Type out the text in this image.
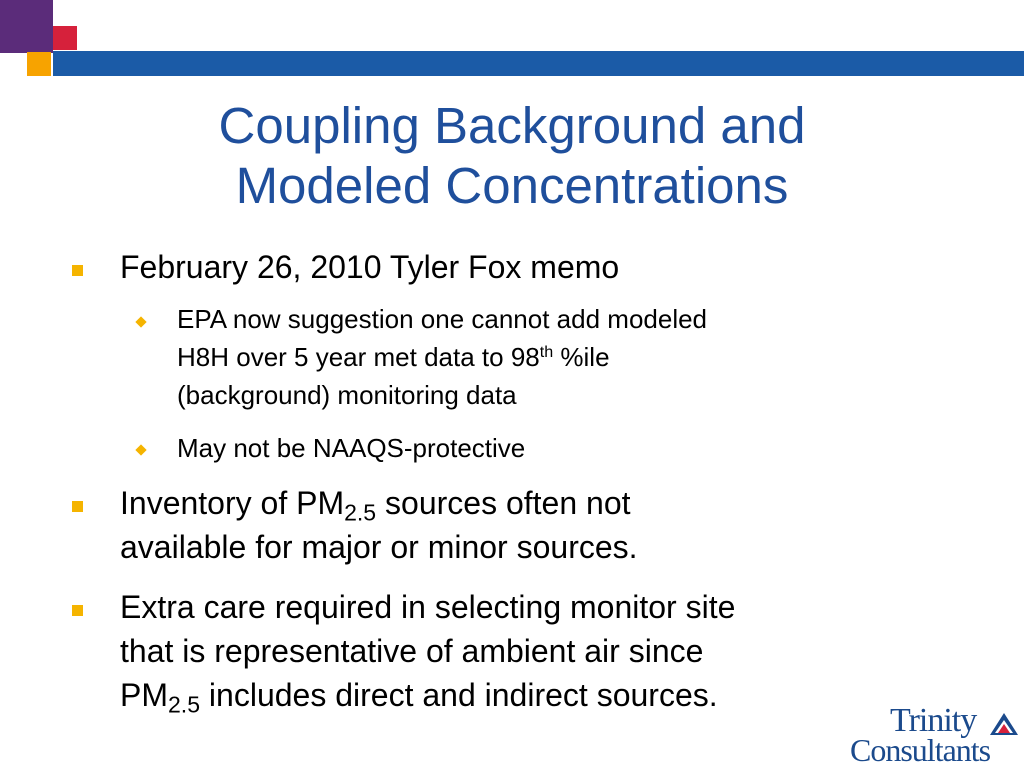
Coupling Background and
Modeled Concentrations
February 26, 2010 Tyler Fox memo
EPA now suggestion one cannot add modeled
H8H over 5 year met data to 98th %ile
(background) monitoring data
May not be NAAQS-protective
Inventory of $PM_{2.5}$ sources often not
available for major or minor sources.
Extra care required in selecting monitor site
that is representative of ambient air since
$PM_{2.5}$ includes direct and indirect sources.
Trinity
Consultants
